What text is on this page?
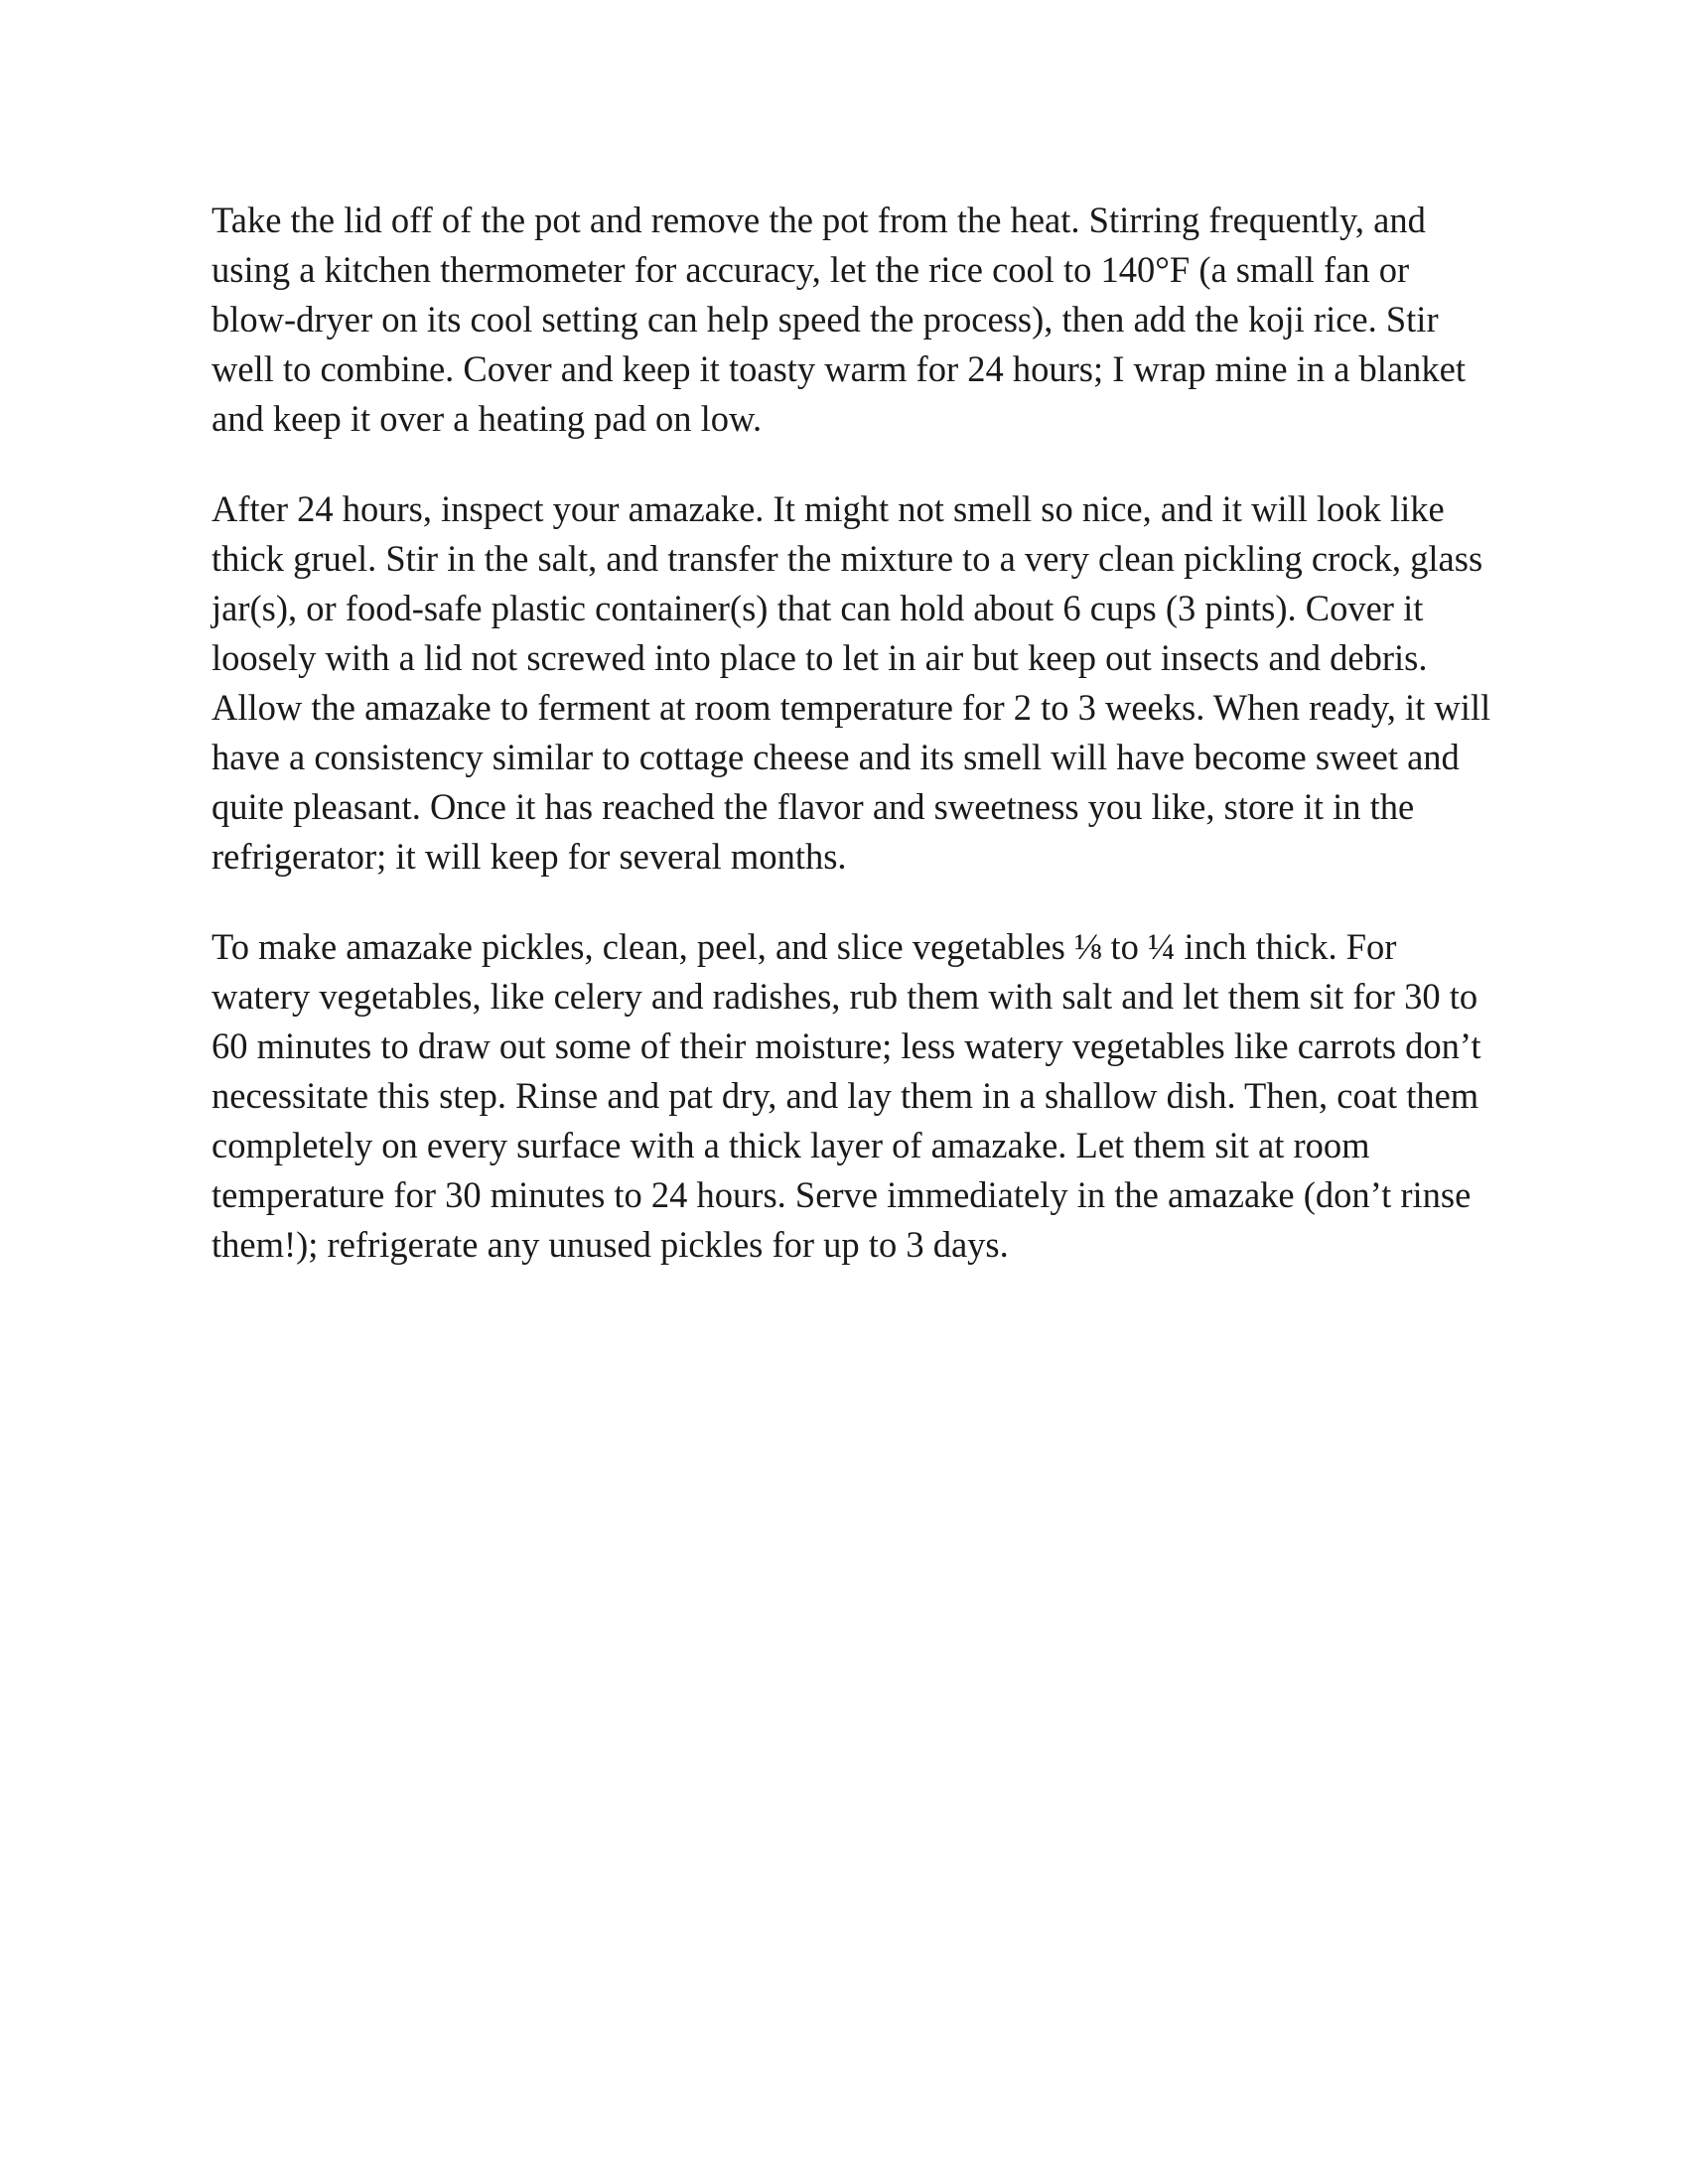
Take the lid off of the pot and remove the pot from the heat. Stirring frequently, and using a kitchen thermometer for accuracy, let the rice cool to 140°F (a small fan or blow-dryer on its cool setting can help speed the process), then add the koji rice. Stir well to combine. Cover and keep it toasty warm for 24 hours; I wrap mine in a blanket and keep it over a heating pad on low.

After 24 hours, inspect your amazake. It might not smell so nice, and it will look like thick gruel. Stir in the salt, and transfer the mixture to a very clean pickling crock, glass jar(s), or food-safe plastic container(s) that can hold about 6 cups (3 pints). Cover it loosely with a lid not screwed into place to let in air but keep out insects and debris. Allow the amazake to ferment at room temperature for 2 to 3 weeks. When ready, it will have a consistency similar to cottage cheese and its smell will have become sweet and quite pleasant. Once it has reached the flavor and sweetness you like, store it in the refrigerator; it will keep for several months.

To make amazake pickles, clean, peel, and slice vegetables ⅛ to ¼ inch thick. For watery vegetables, like celery and radishes, rub them with salt and let them sit for 30 to 60 minutes to draw out some of their moisture; less watery vegetables like carrots don’t necessitate this step. Rinse and pat dry, and lay them in a shallow dish. Then, coat them completely on every surface with a thick layer of amazake. Let them sit at room temperature for 30 minutes to 24 hours. Serve immediately in the amazake (don’t rinse them!); refrigerate any unused pickles for up to 3 days.
